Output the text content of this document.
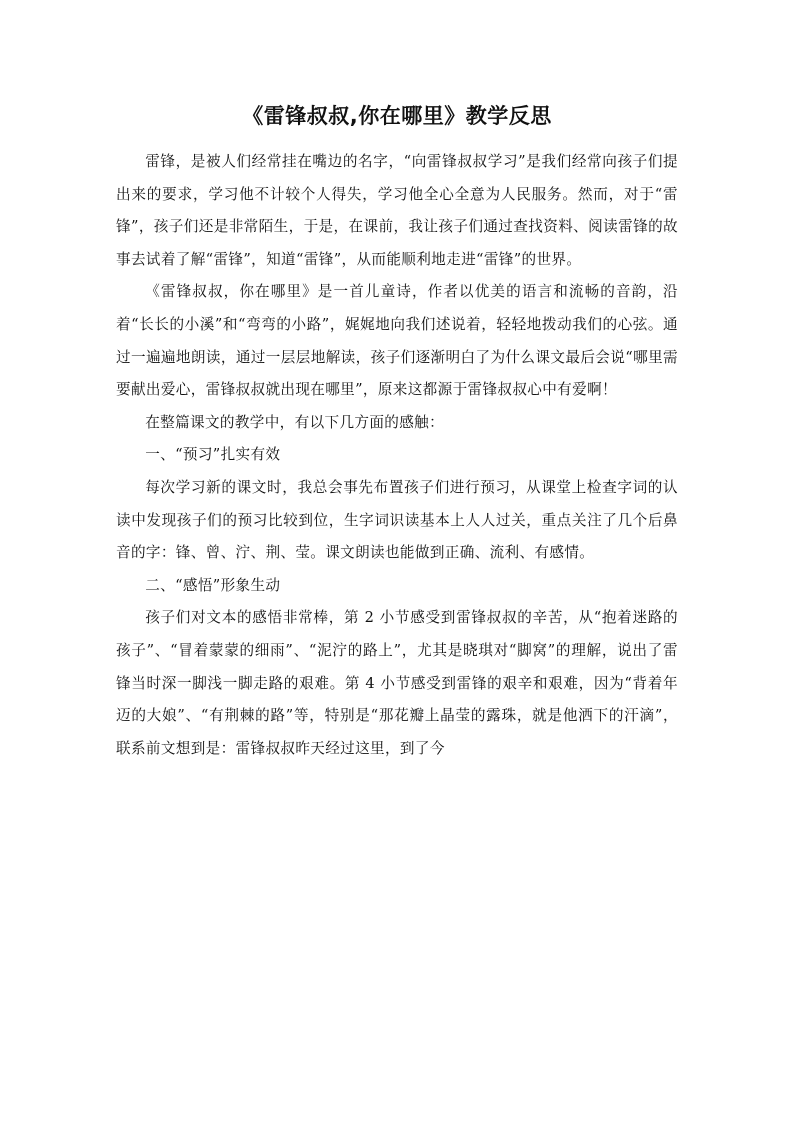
《雷锋叔叔,你在哪里》教学反思

雷锋，是被人们经常挂在嘴边的名字，“向雷锋叔叔学习”是我们经常向孩子们提出来的要求，学习他不计较个人得失，学习他全心全意为人民服务。然而，对于“雷锋”，孩子们还是非常陌生，于是，在课前，我让孩子们通过查找资料、阅读雷锋的故事去试着了解“雷锋”，知道“雷锋”，从而能顺利地走进“雷锋”的世界。

《雷锋叔叔，你在哪里》是一首儿童诗，作者以优美的语言和流畅的音韵，沿着“长长的小溪”和“弯弯的小路”，娓娓地向我们述说着，轻轻地拨动我们的心弦。通过一遍遍地朗读，通过一层层地解读，孩子们逐渐明白了为什么课文最后会说“哪里需要献出爱心，雷锋叔叔就出现在哪里”，原来这都源于雷锋叔叔心中有爱啊！

在整篇课文的教学中，有以下几方面的感触：

一、“预习”扎实有效

每次学习新的课文时，我总会事先布置孩子们进行预习，从课堂上检查字词的认读中发现孩子们的预习比较到位，生字词识读基本上人人过关，重点关注了几个后鼻音的字：锋、曾、泞、荆、莹。课文朗读也能做到正确、流利、有感情。

二、“感悟”形象生动

孩子们对文本的感悟非常棒，第 2 小节感受到雷锋叔叔的辛苦，从“抱着迷路的孩子”、“冒着蒙蒙的细雨”、“泥泞的路上”，尤其是晓琪对“脚窝”的理解，说出了雷锋当时深一脚浅一脚走路的艰难。第 4 小节感受到雷锋的艰辛和艰难，因为“背着年迈的大娘”、“有荆棘的路”等，特别是“那花瓣上晶莹的露珠，就是他洒下的汗滴”，联系前文想到是：雷锋叔叔昨天经过这里，到了今
